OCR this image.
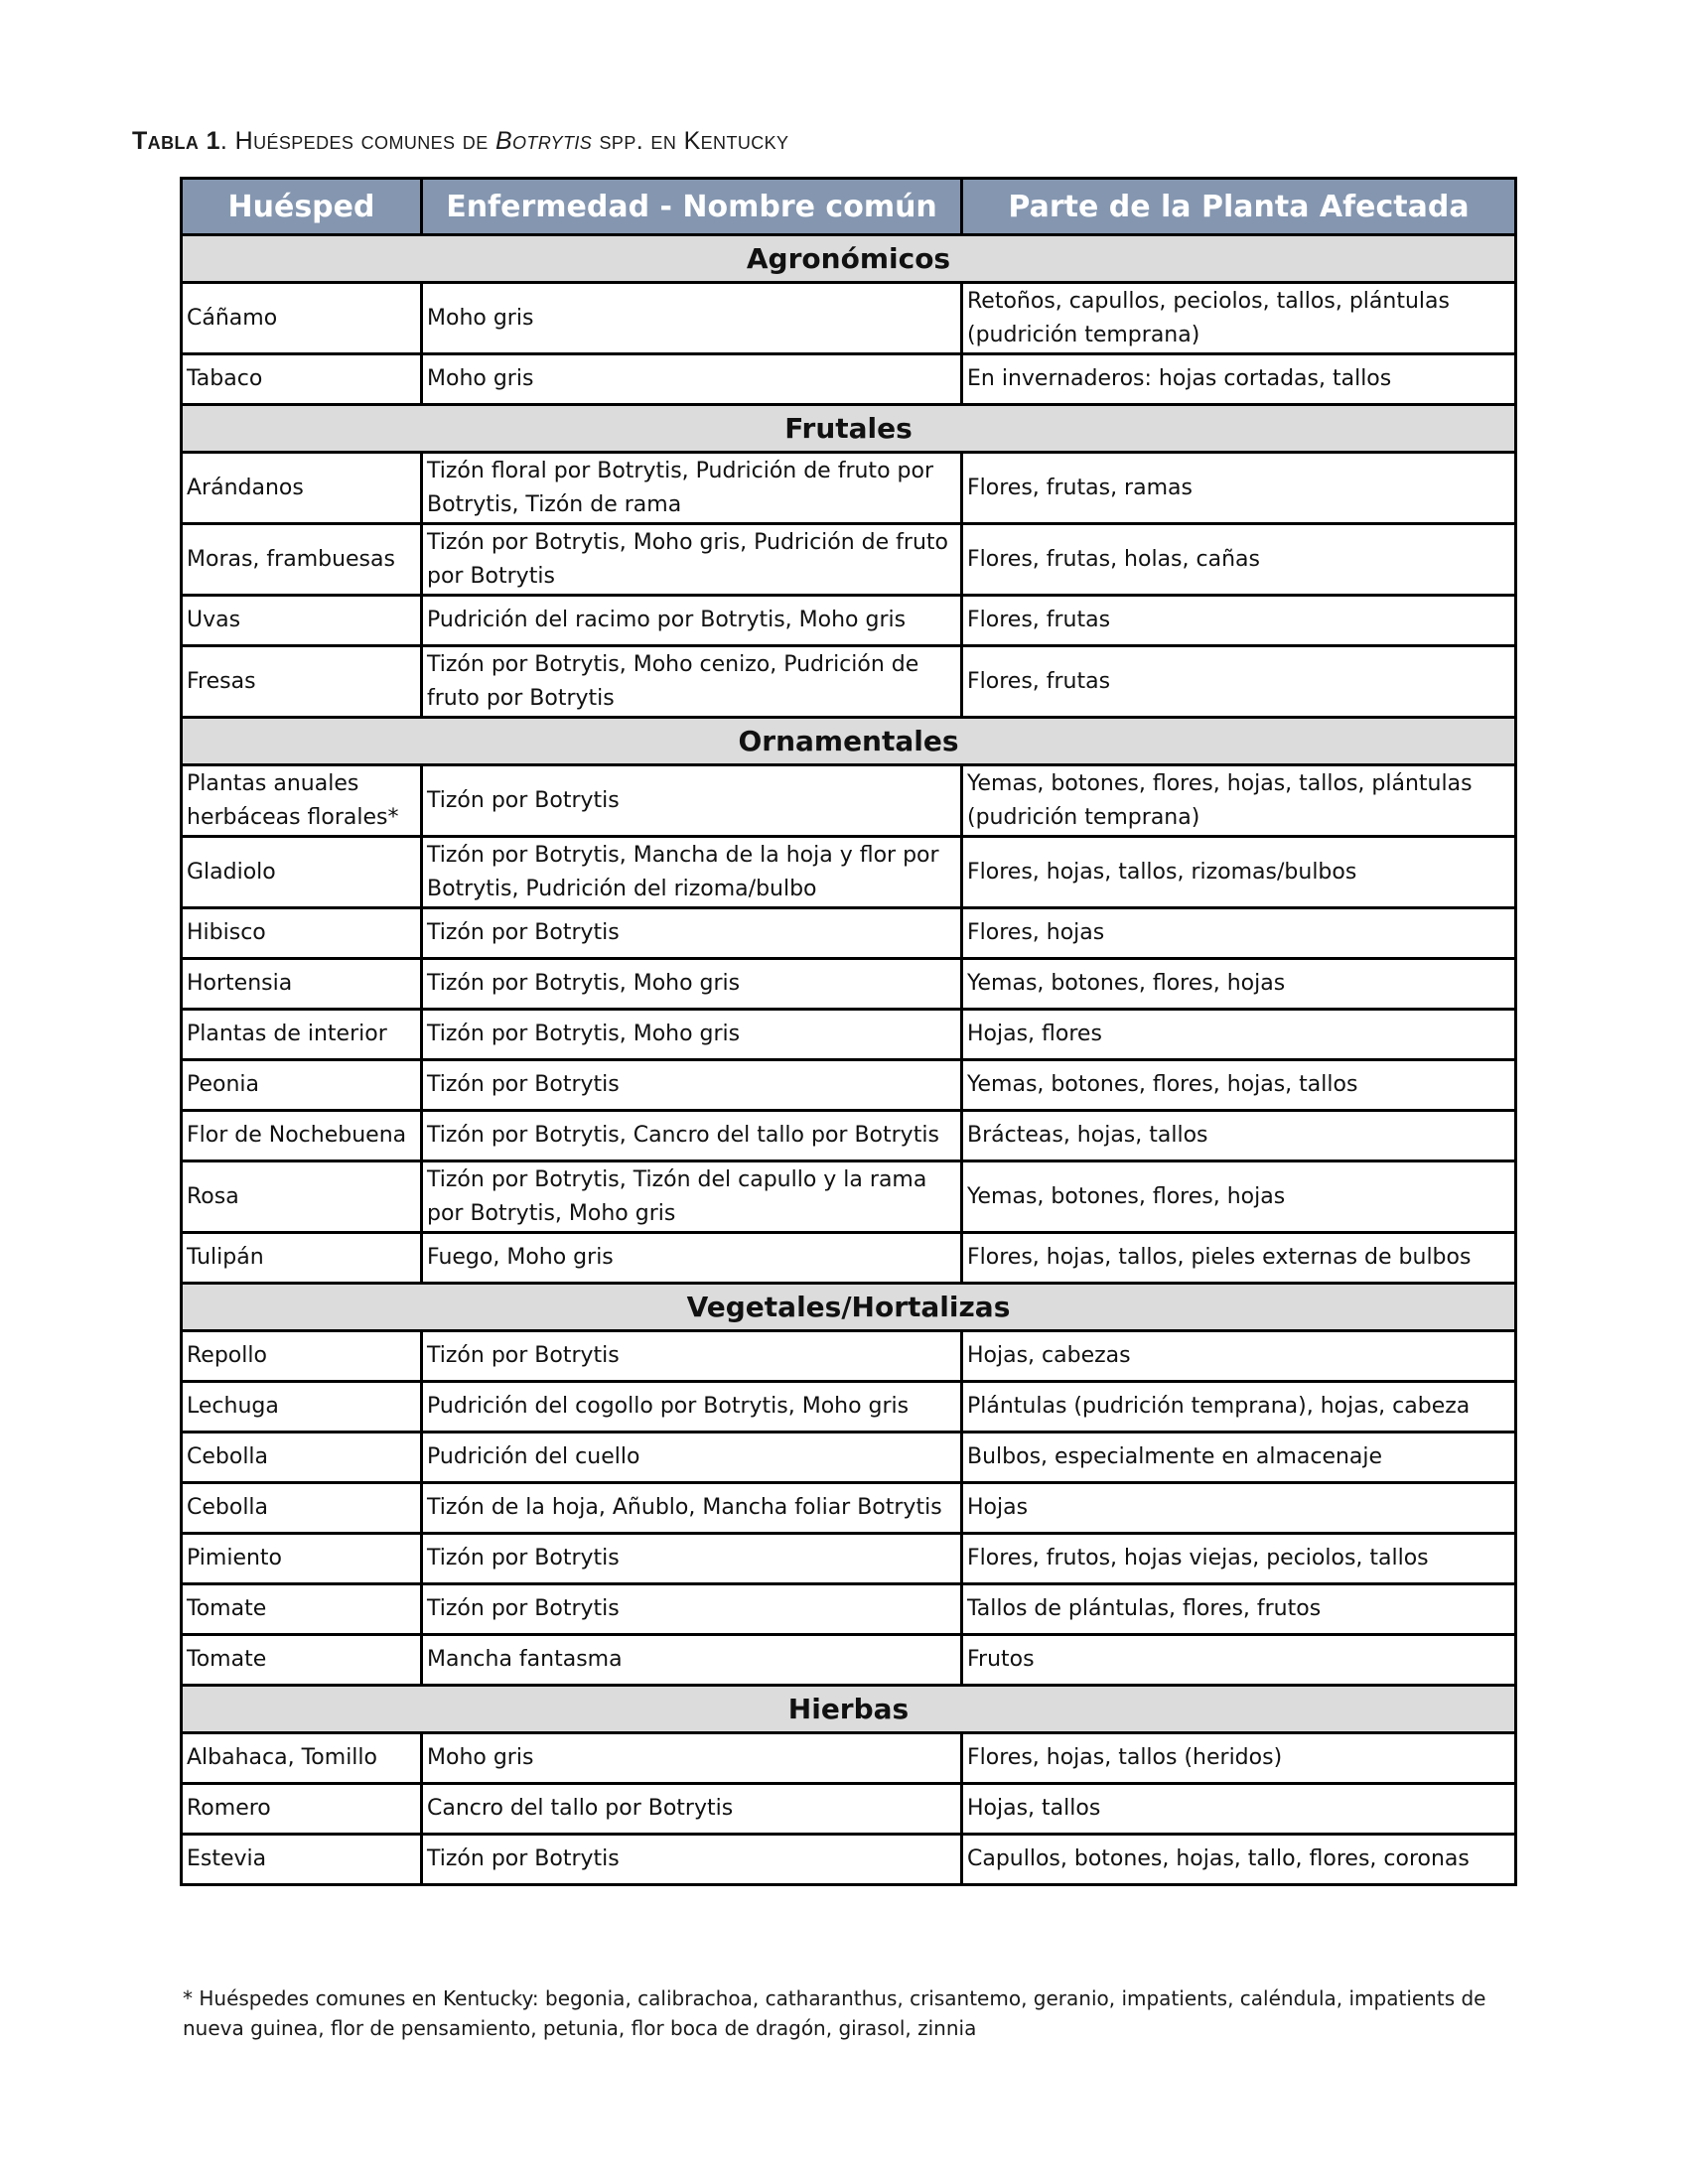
Tabla 1. Huéspedes comunes de Botrytis spp. en Kentucky
Huésped	Enfermedad - Nombre común	Parte de la Planta Afectada
Agronómicos		
Cáñamo	Moho gris	Retoños, capullos, peciolos, tallos, plántulas (pudrición temprana)
Tabaco	Moho gris	En invernaderos: hojas cortadas, tallos
Frutales		
Arándanos	Tizón floral por Botrytis, Pudrición de fruto por Botrytis, Tizón de rama	Flores, frutas, ramas
Moras, frambuesas	Tizón por Botrytis, Moho gris, Pudrición de fruto por Botrytis	Flores, frutas, holas, cañas
Uvas	Pudrición del racimo por Botrytis, Moho gris	Flores, frutas
Fresas	Tizón por Botrytis, Moho cenizo, Pudrición de fruto por Botrytis	Flores, frutas
Ornamentales		
Plantas anuales herbáceas florales*	Tizón por Botrytis	Yemas, botones, flores, hojas, tallos, plántulas (pudrición temprana)
Gladiolo	Tizón por Botrytis, Mancha de la hoja y flor por Botrytis, Pudrición del rizoma/bulbo	Flores, hojas, tallos, rizomas/bulbos
Hibisco	Tizón por Botrytis	Flores, hojas
Hortensia	Tizón por Botrytis, Moho gris	Yemas, botones, flores, hojas
Plantas de interior	Tizón por Botrytis, Moho gris	Hojas, flores
Peonia	Tizón por Botrytis	Yemas, botones, flores, hojas, tallos
Flor de Nochebuena	Tizón por Botrytis, Cancro del tallo por Botrytis	Brácteas, hojas, tallos
Rosa	Tizón por Botrytis, Tizón del capullo y la rama por Botrytis, Moho gris	Yemas, botones, flores, hojas
Tulipán	Fuego, Moho gris	Flores, hojas, tallos, pieles externas de bulbos
Vegetales/Hortalizas		
Repollo	Tizón por Botrytis	Hojas, cabezas
Lechuga	Pudrición del cogollo por Botrytis, Moho gris	Plántulas (pudrición temprana), hojas, cabeza
Cebolla	Pudrición del cuello	Bulbos, especialmente en almacenaje
Cebolla	Tizón de la hoja, Añublo, Mancha foliar Botrytis	Hojas
Pimiento	Tizón por Botrytis	Flores, frutos, hojas viejas, peciolos, tallos
Tomate	Tizón por Botrytis	Tallos de plántulas, flores, frutos
Tomate	Mancha fantasma	Frutos
Hierbas		
Albahaca, Tomillo	Moho gris	Flores, hojas, tallos (heridos)
Romero	Cancro del tallo por Botrytis	Hojas, tallos
Estevia	Tizón por Botrytis	Capullos, botones, hojas, tallo, flores, coronas
* Huéspedes comunes en Kentucky: begonia, calibrachoa, catharanthus, crisantemo, geranio, impatients, caléndula, impatients de nueva guinea, flor de pensamiento, petunia, flor boca de dragón, girasol, zinnia
